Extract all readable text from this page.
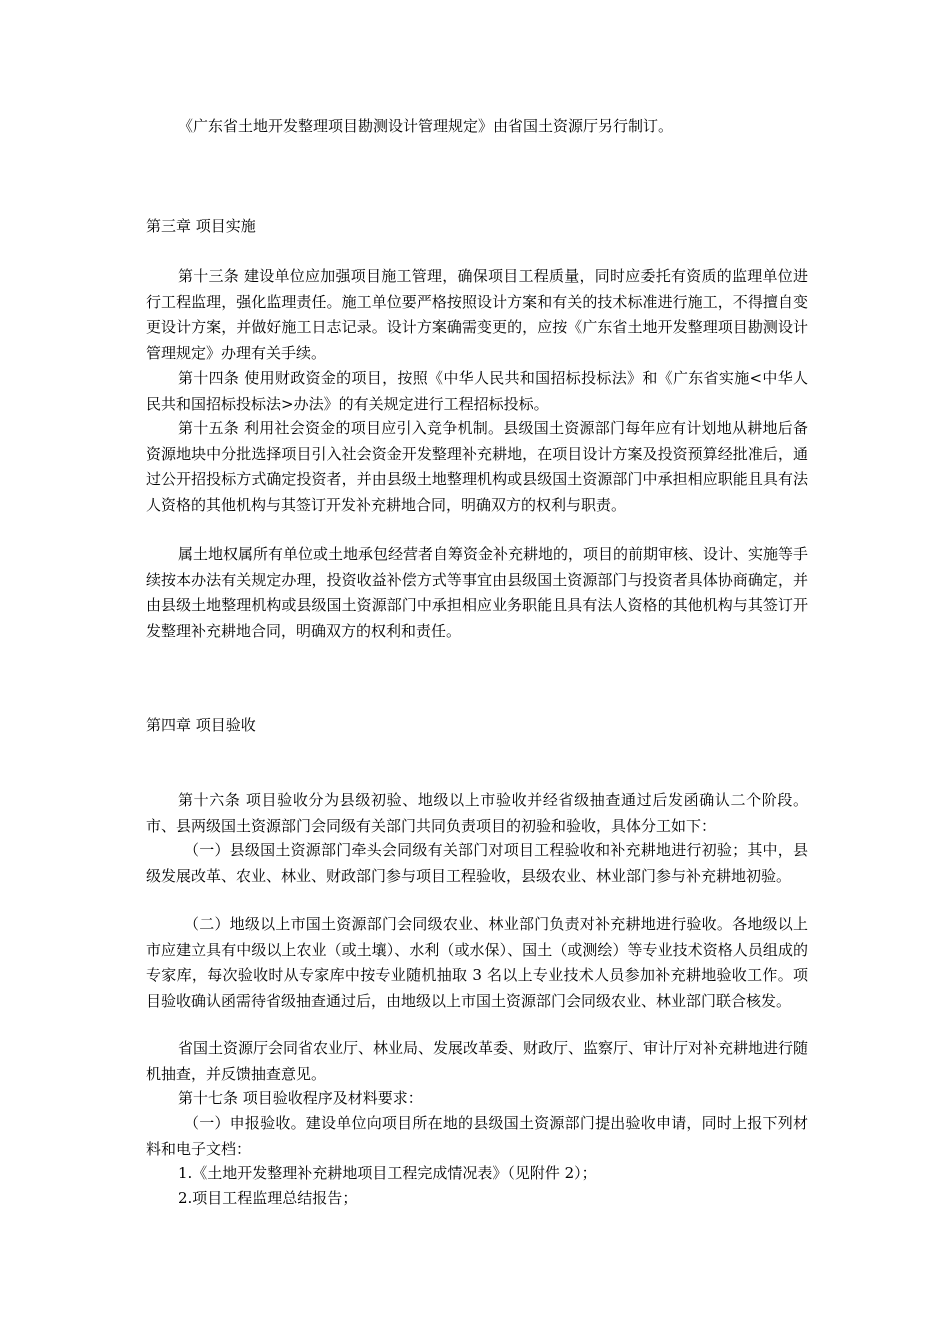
《广东省土地开发整理项目勘测设计管理规定》由省国土资源厅另行制订。

第三章 项目实施

第十三条 建设单位应加强项目施工管理，确保项目工程质量，同时应委托有资质的监理单位进行工程监理，强化监理责任。施工单位要严格按照设计方案和有关的技术标准进行施工，不得擅自变更设计方案，并做好施工日志记录。设计方案确需变更的，应按《广东省土地开发整理项目勘测设计管理规定》办理有关手续。

第十四条 使用财政资金的项目，按照《中华人民共和国招标投标法》和《广东省实施<中华人民共和国招标投标法>办法》的有关规定进行工程招标投标。

第十五条 利用社会资金的项目应引入竞争机制。县级国土资源部门每年应有计划地从耕地后备资源地块中分批选择项目引入社会资金开发整理补充耕地，在项目设计方案及投资预算经批准后，通过公开招投标方式确定投资者，并由县级土地整理机构或县级国土资源部门中承担相应职能且具有法人资格的其他机构与其签订开发补充耕地合同，明确双方的权利与职责。

属土地权属所有单位或土地承包经营者自筹资金补充耕地的，项目的前期审核、设计、实施等手续按本办法有关规定办理，投资收益补偿方式等事宜由县级国土资源部门与投资者具体协商确定，并由县级土地整理机构或县级国土资源部门中承担相应业务职能且具有法人资格的其他机构与其签订开发整理补充耕地合同，明确双方的权利和责任。

第四章 项目验收

第十六条 项目验收分为县级初验、地级以上市验收并经省级抽查通过后发函确认二个阶段。市、县两级国土资源部门会同级有关部门共同负责项目的初验和验收，具体分工如下：

（一）县级国土资源部门牵头会同级有关部门对项目工程验收和补充耕地进行初验；其中，县级发展改革、农业、林业、财政部门参与项目工程验收，县级农业、林业部门参与补充耕地初验。

（二）地级以上市国土资源部门会同级农业、林业部门负责对补充耕地进行验收。各地级以上市应建立具有中级以上农业（或土壤）、水利（或水保）、国土（或测绘）等专业技术资格人员组成的专家库，每次验收时从专家库中按专业随机抽取 3 名以上专业技术人员参加补充耕地验收工作。项目验收确认函需待省级抽查通过后，由地级以上市国土资源部门会同级农业、林业部门联合核发。

省国土资源厅会同省农业厅、林业局、发展改革委、财政厅、监察厅、审计厅对补充耕地进行随机抽查，并反馈抽查意见。

第十七条 项目验收程序及材料要求：

（一）申报验收。建设单位向项目所在地的县级国土资源部门提出验收申请，同时上报下列材料和电子文档：

1.《土地开发整理补充耕地项目工程完成情况表》（见附件 2）；

2.项目工程监理总结报告；
